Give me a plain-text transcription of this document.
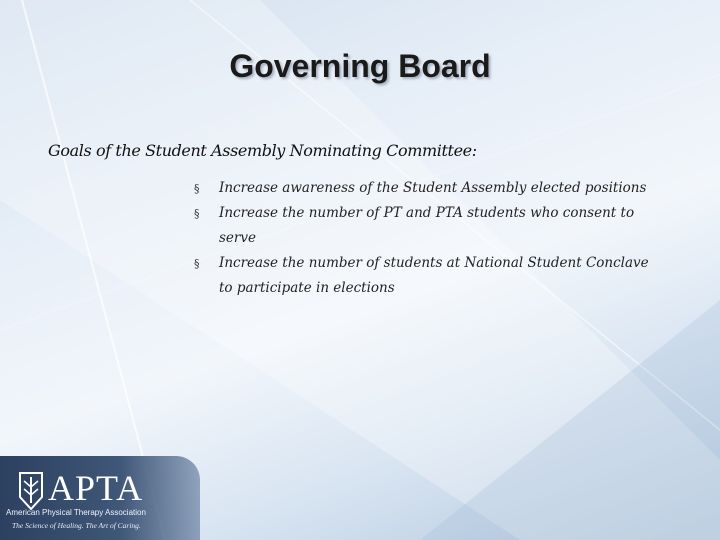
Governing Board

Goals of the Student Assembly Nominating Committee:

§ Increase awareness of the Student Assembly elected positions
§ Increase the number of PT and PTA students who consent to serve
§ Increase the number of students at National Student Conclave to participate in elections

APTA

American Physical Therapy Association

The Science of Healing. The Art of Caring.
